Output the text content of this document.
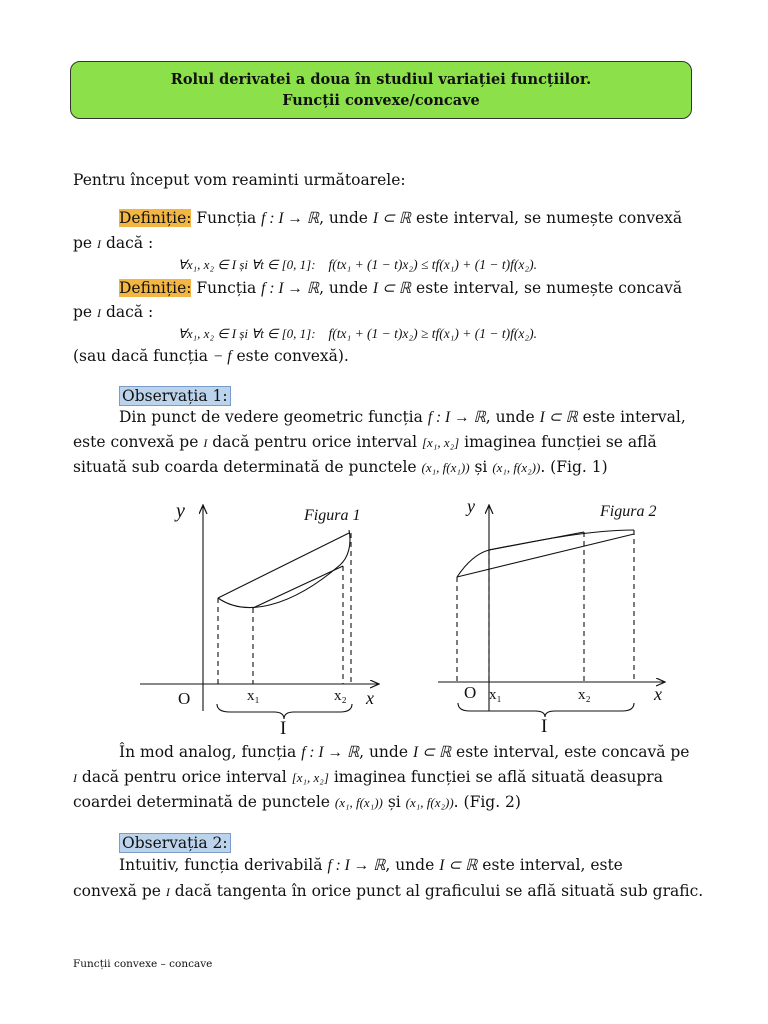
Rolul derivatei a doua în studiul variației funcțiilor.
Funcții convexe/concave
Pentru început vom reaminti următoarele:
Definiție: Funcția f : I → ℝ, unde I ⊂ ℝ este interval, se numește convexă
pe I dacă :
∀x₁, x₂ ∈ I și ∀t ∈ [0, 1]: f(tx₁ + (1 − t)x₂) ≤ tf(x₁) + (1 − t)f(x₂).
Definiție: Funcția f : I → ℝ, unde I ⊂ ℝ este interval, se numește concavă
pe I dacă :
∀x₁, x₂ ∈ I și ∀t ∈ [0, 1]: f(tx₁ + (1 − t)x₂) ≥ tf(x₁) + (1 − t)f(x₂).
(sau dacă funcția − f este convexă).
Observația 1:
Din punct de vedere geometric funcția f : I → ℝ, unde I ⊂ ℝ este interval,
este convexă pe I dacă pentru orice interval [x₁, x₂] imaginea funcției se află
situată sub coarda determinată de punctele (x₁, f(x₁)) și (x₁, f(x₂)). (Fig. 1)
y	Figura 1
O	x₁	x₂ x
I
y	Figura 2
O x₁	x₂	x
I
În mod analog, funcția f : I → ℝ, unde I ⊂ ℝ este interval, este concavă pe
I dacă pentru orice interval [x₁, x₂] imaginea funcției se află situată deasupra
coardei determinată de punctele (x₁, f(x₁)) și (x₁, f(x₂)). (Fig. 2)
Observația 2:
Intuitiv, funcția derivabilă f : I → ℝ, unde I ⊂ ℝ este interval, este
convexă pe I dacă tangenta în orice punct al graficului se află situată sub grafic.
Funcții convexe – concave
